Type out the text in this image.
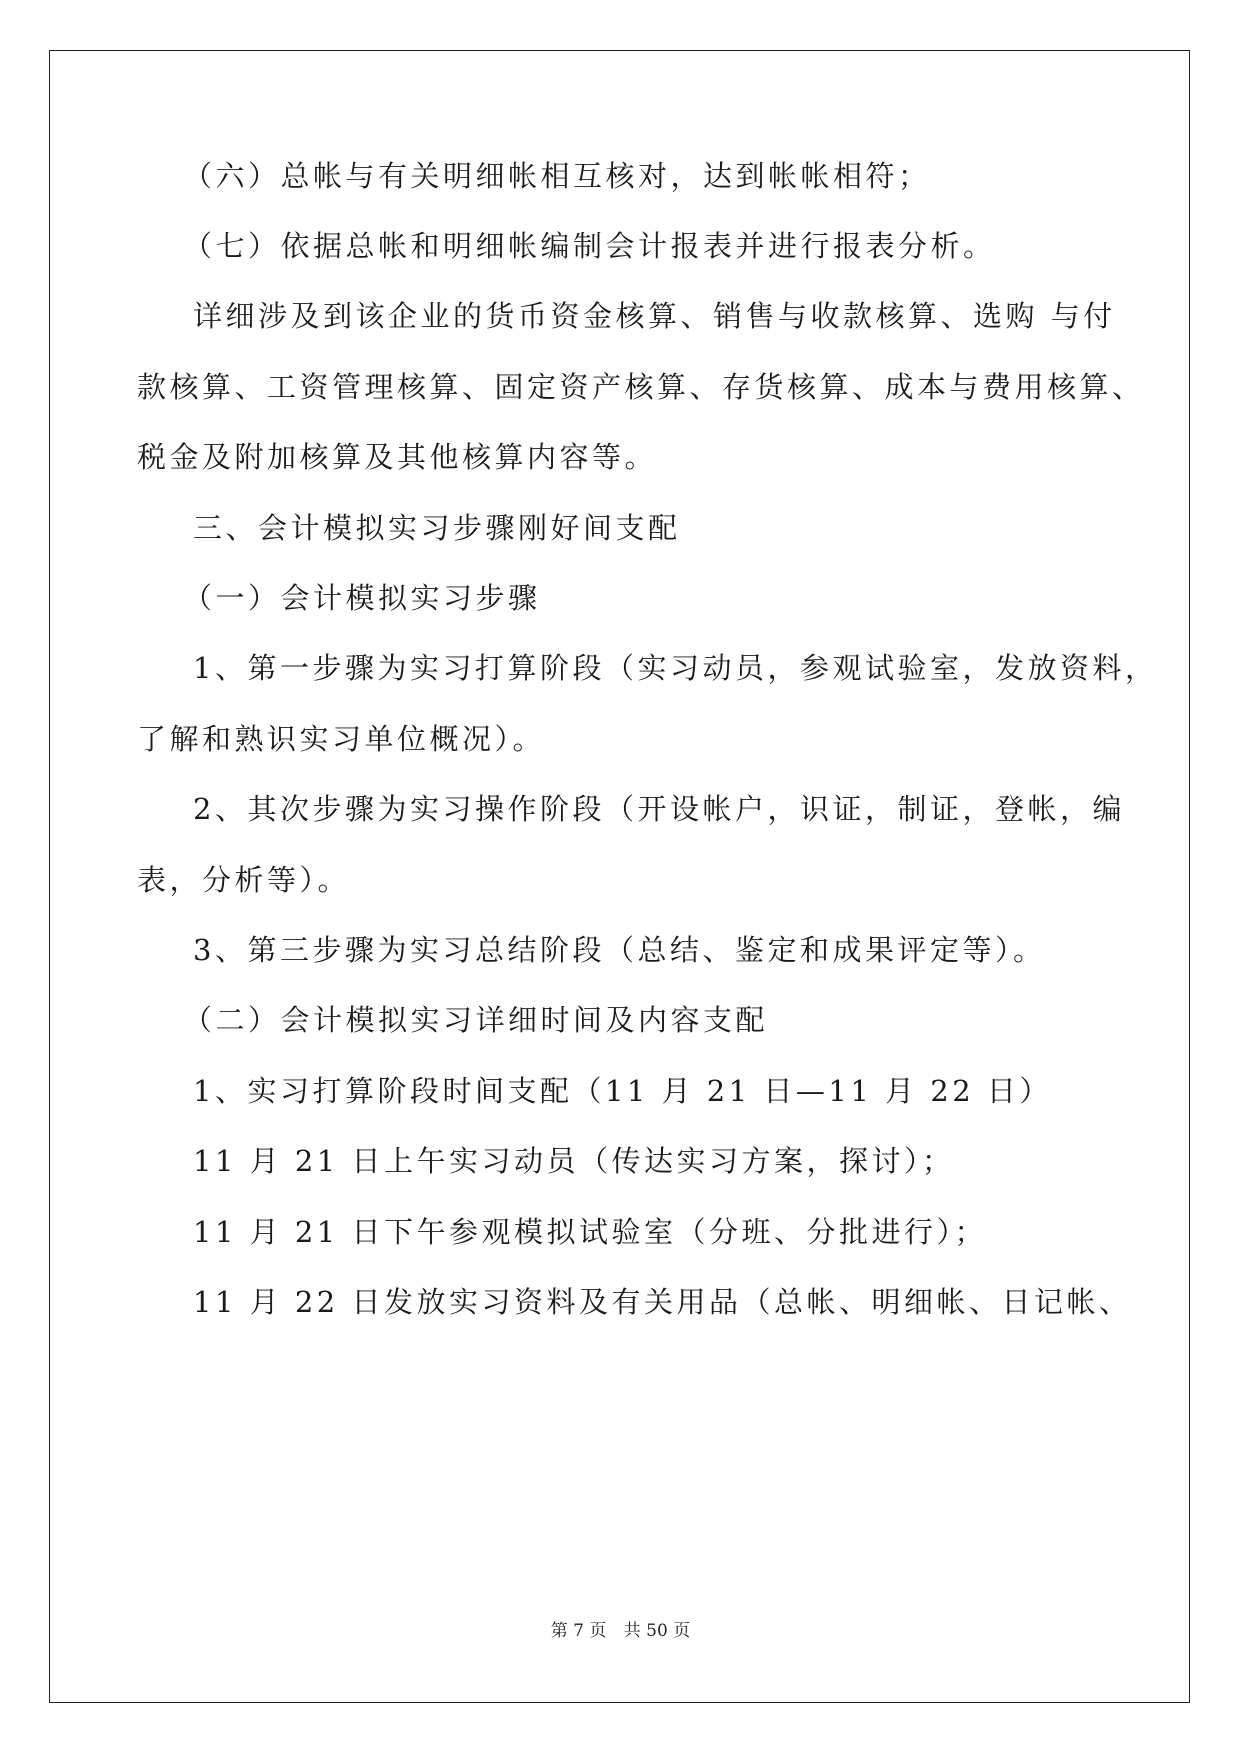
（六）总帐与有关明细帐相互核对，达到帐帐相符；
（七）依据总帐和明细帐编制会计报表并进行报表分析。
详细涉及到该企业的货币资金核算、销售与收款核算、选购 与付
款核算、工资管理核算、固定资产核算、存货核算、成本与费用核算、
税金及附加核算及其他核算内容等。
三、会计模拟实习步骤刚好间支配
（一）会计模拟实习步骤
1、第一步骤为实习打算阶段（实习动员，参观试验室，发放资料，
了解和熟识实习单位概况）。
2、其次步骤为实习操作阶段（开设帐户，识证，制证，登帐，编
表，分析等）。
3、第三步骤为实习总结阶段（总结、鉴定和成果评定等）。
（二）会计模拟实习详细时间及内容支配
1、实习打算阶段时间支配（11 月 21 日—11 月 22 日）
11 月 21 日上午实习动员（传达实习方案，探讨）；
11 月 21 日下午参观模拟试验室（分班、分批进行）；
11 月 22 日发放实习资料及有关用品（总帐、明细帐、日记帐、
第 7 页 共 50 页
